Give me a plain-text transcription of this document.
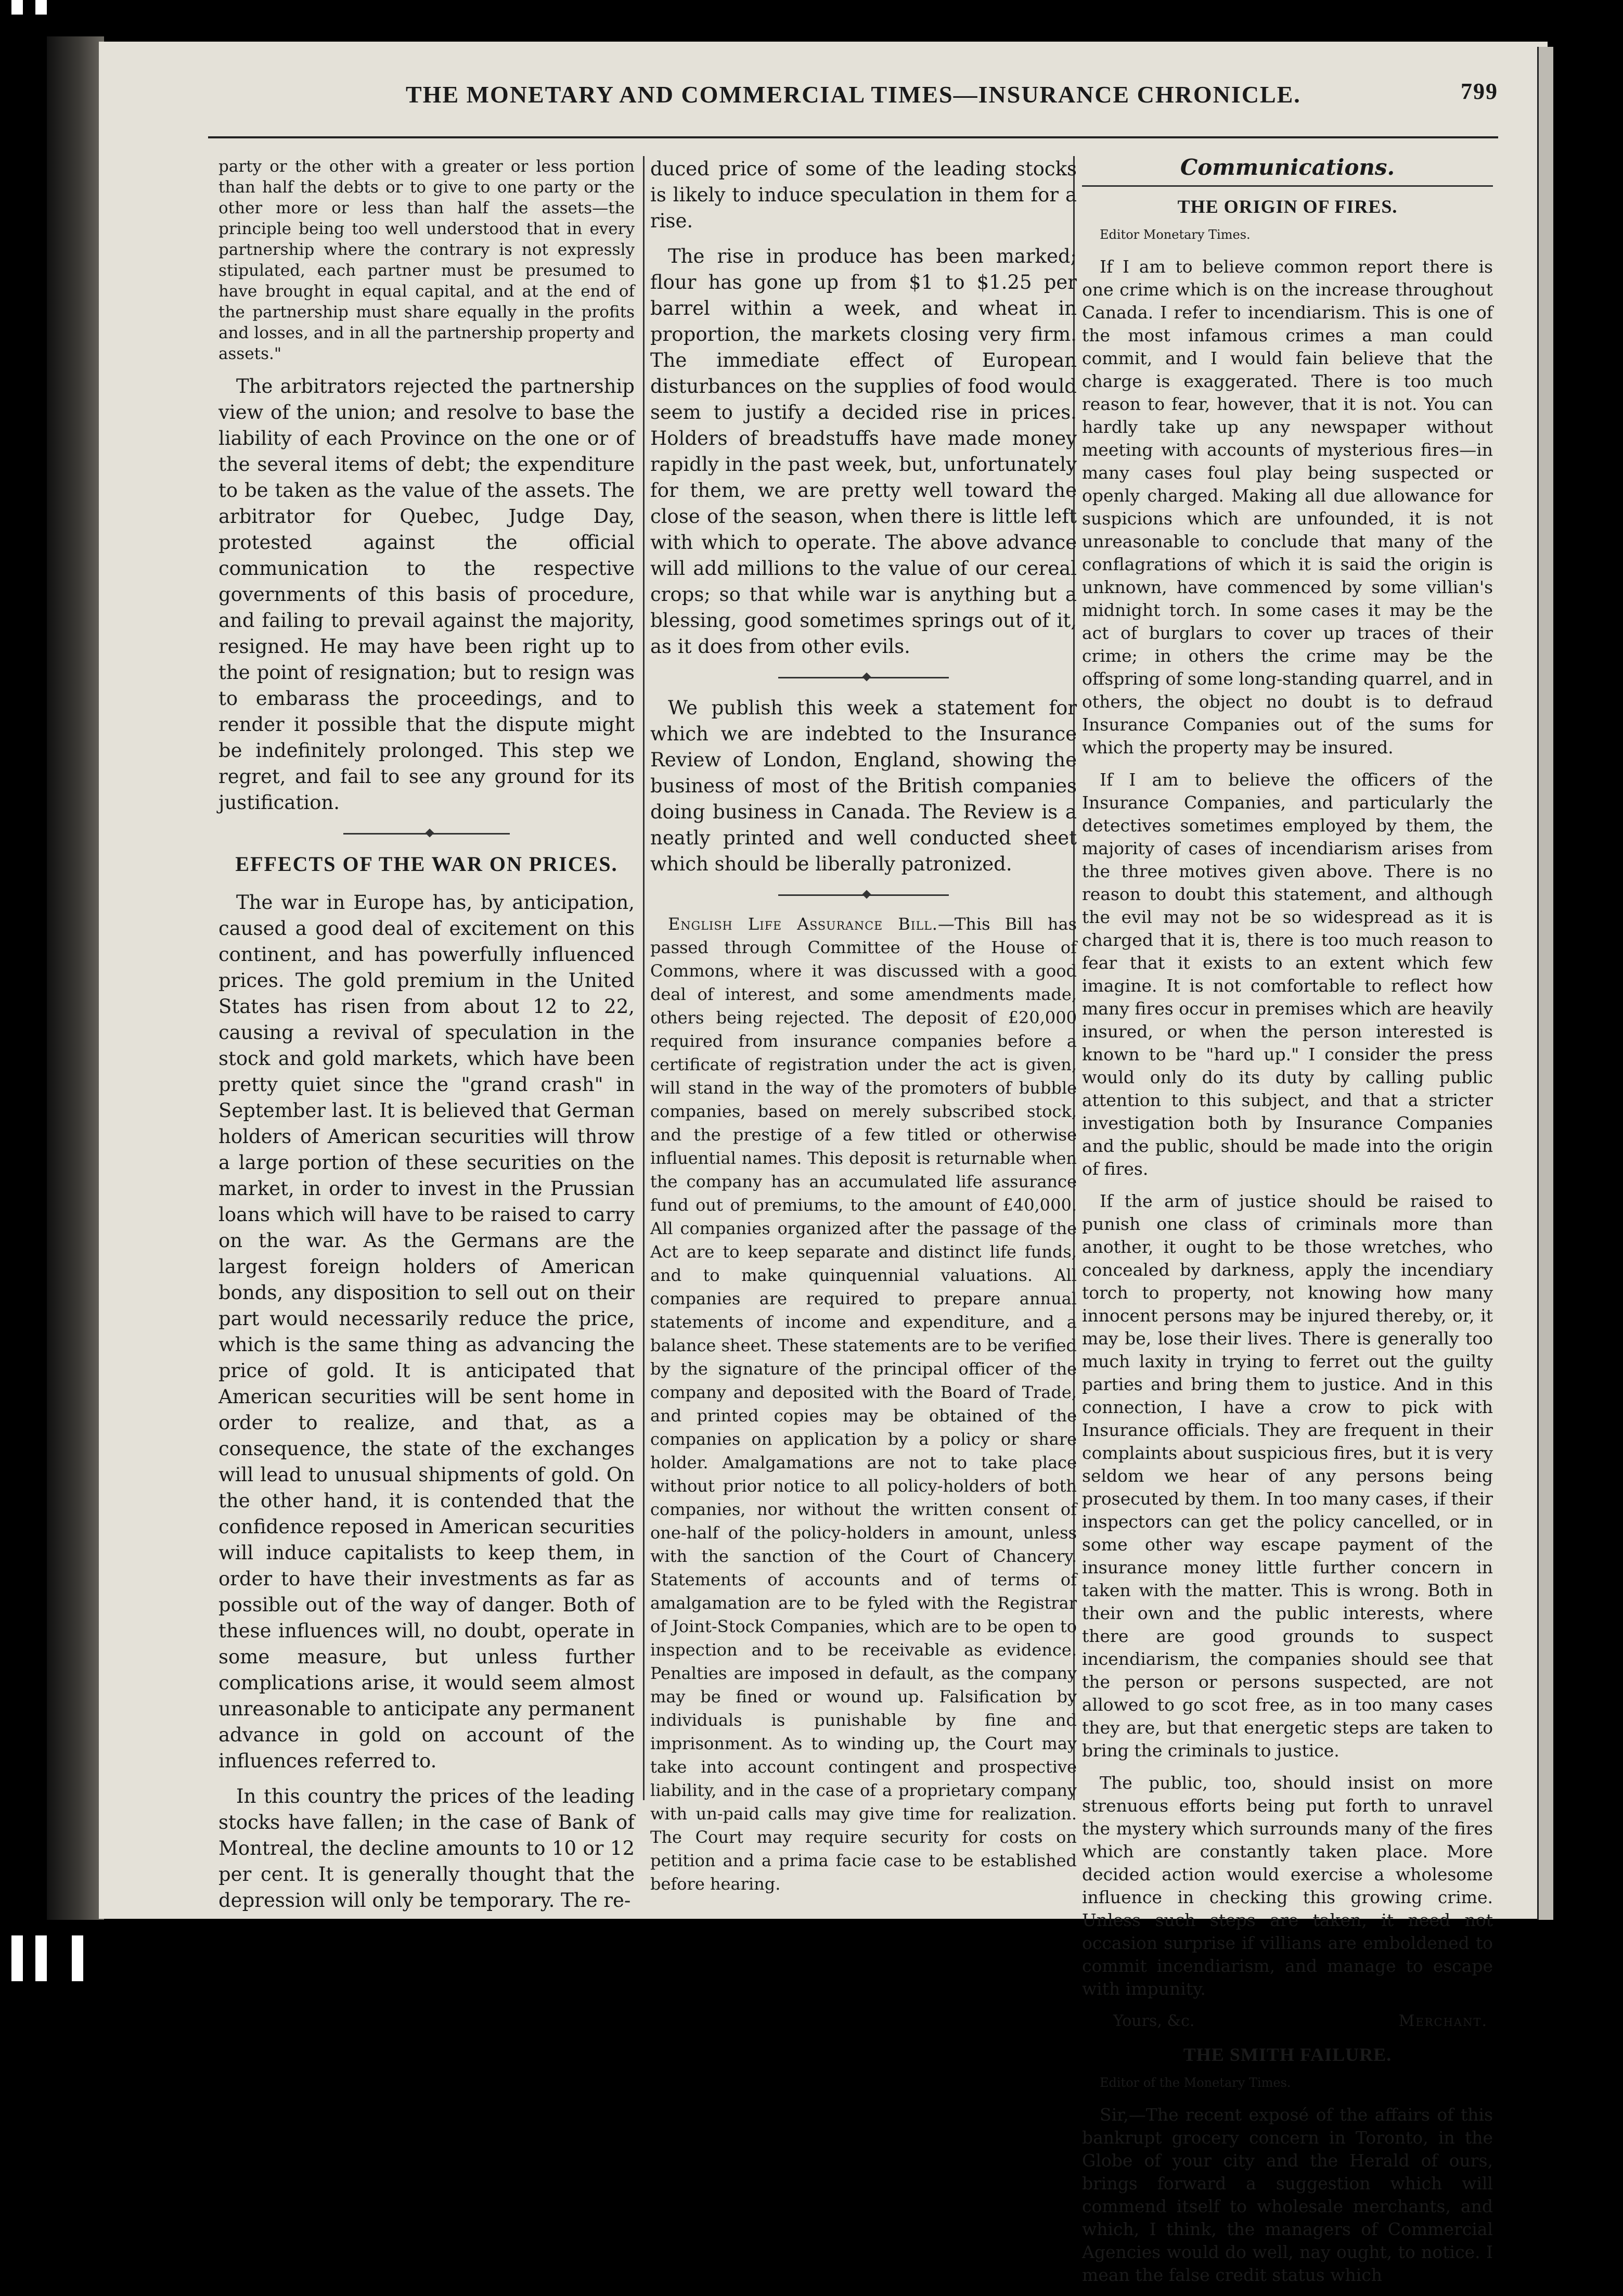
THE MONETARY AND COMMERCIAL TIMES—INSURANCE CHRONICLE.	799

party or the other with a greater or less portion than half the debts or to give to one party or the other more or less than half the assets—the principle being too well understood that in every partnership where the contrary is not expressly stipulated, each partner must be presumed to have brought in equal capital, and at the end of the partnership must share equally in the profits and losses, and in all the partnership property and assets."

The arbitrators rejected the partnership view of the union; and resolve to base the liability of each Province on the one or of the several items of debt; the expenditure to be taken as the value of the assets. The arbitrator for Quebec, Judge Day, protested against the official communication to the respective governments of this basis of procedure, and failing to prevail against the majority, resigned. He may have been right up to the point of resignation; but to resign was to embarass the proceedings, and to render it possible that the dispute might be indefinitely prolonged. This step we regret, and fail to see any ground for its justification.

EFFECTS OF THE WAR ON PRICES.

The war in Europe has, by anticipation, caused a good deal of excitement on this continent, and has powerfully influenced prices. The gold premium in the United States has risen from about 12 to 22, causing a revival of speculation in the stock and gold markets, which have been pretty quiet since the "grand crash" in September last. It is believed that German holders of American securities will throw a large portion of these securities on the market, in order to invest in the Prussian loans which will have to be raised to carry on the war. As the Germans are the largest foreign holders of American bonds, any disposition to sell out on their part would necessarily reduce the price, which is the same thing as advancing the price of gold. It is anticipated that American securities will be sent home in order to realize, and that, as a consequence, the state of the exchanges will lead to unusual shipments of gold. On the other hand, it is contended that the confidence reposed in American securities will induce capitalists to keep them, in order to have their investments as far as possible out of the way of danger. Both of these influences will, no doubt, operate in some measure, but unless further complications arise, it would seem almost unreasonable to anticipate any permanent advance in gold on account of the influences referred to.

In this country the prices of the leading stocks have fallen; in the case of Bank of Montreal, the decline amounts to 10 or 12 per cent. It is generally thought that the depression will only be temporary. The re-

duced price of some of the leading stocks is likely to induce speculation in them for a rise.

The rise in produce has been marked; flour has gone up from $1 to $1.25 per barrel within a week, and wheat in proportion, the markets closing very firm. The immediate effect of European disturbances on the supplies of food would seem to justify a decided rise in prices. Holders of breadstuffs have made money rapidly in the past week, but, unfortunately for them, we are pretty well toward the close of the season, when there is little left with which to operate. The above advance will add millions to the value of our cereal crops; so that while war is anything but a blessing, good sometimes springs out of it, as it does from other evils.

We publish this week a statement for which we are indebted to the Insurance Review of London, England, showing the business of most of the British companies doing business in Canada. The Review is a neatly printed and well conducted sheet which should be liberally patronized.

English Life Assurance Bill.—This Bill has passed through Committee of the House of Commons, where it was discussed with a good deal of interest, and some amendments made, others being rejected. The deposit of £20,000 required from insurance companies before a certificate of registration under the act is given, will stand in the way of the promoters of bubble companies, based on merely subscribed stock, and the prestige of a few titled or otherwise influential names. This deposit is returnable when the company has an accumulated life assurance fund out of premiums, to the amount of £40,000. All companies organized after the passage of the Act are to keep separate and distinct life funds, and to make quinquennial valuations. All companies are required to prepare annual statements of income and expenditure, and a balance sheet. These statements are to be verified by the signature of the principal officer of the company and deposited with the Board of Trade, and printed copies may be obtained of the companies on application by a policy or share holder. Amalgamations are not to take place without prior notice to all policy-holders of both companies, nor without the written consent of one-half of the policy-holders in amount, unless with the sanction of the Court of Chancery. Statements of accounts and of terms of amalgamation are to be fyled with the Registrar of Joint-Stock Companies, which are to be open to inspection and to be receivable as evidence. Penalties are imposed in default, as the company may be fined or wound up. Falsification by individuals is punishable by fine and imprisonment. As to winding up, the Court may take into account contingent and prospective liability, and in the case of a proprietary company with un-paid calls may give time for realization. The Court may require security for costs on petition and a prima facie case to be established before hearing.

Communications.
THE ORIGIN OF FIRES.

Editor Monetary Times.

If I am to believe common report there is one crime which is on the increase throughout Canada. I refer to incendiarism. This is one of the most infamous crimes a man could commit, and I would fain believe that the charge is exaggerated. There is too much reason to fear, however, that it is not. You can hardly take up any newspaper without meeting with accounts of mysterious fires—in many cases foul play being suspected or openly charged. Making all due allowance for suspicions which are unfounded, it is not unreasonable to conclude that many of the conflagrations of which it is said the origin is unknown, have commenced by some villian's midnight torch. In some cases it may be the act of burglars to cover up traces of their crime; in others the crime may be the offspring of some long-standing quarrel, and in others, the object no doubt is to defraud Insurance Companies out of the sums for which the property may be insured.

If I am to believe the officers of the Insurance Companies, and particularly the detectives sometimes employed by them, the majority of cases of incendiarism arises from the three motives given above. There is no reason to doubt this statement, and although the evil may not be so widespread as it is charged that it is, there is too much reason to fear that it exists to an extent which few imagine. It is not comfortable to reflect how many fires occur in premises which are heavily insured, or when the person interested is known to be "hard up." I consider the press would only do its duty by calling public attention to this subject, and that a stricter investigation both by Insurance Companies and the public, should be made into the origin of fires.

If the arm of justice should be raised to punish one class of criminals more than another, it ought to be those wretches, who concealed by darkness, apply the incendiary torch to property, not knowing how many innocent persons may be injured thereby, or, it may be, lose their lives. There is generally too much laxity in trying to ferret out the guilty parties and bring them to justice. And in this connection, I have a crow to pick with Insurance officials. They are frequent in their complaints about suspicious fires, but it is very seldom we hear of any persons being prosecuted by them. In too many cases, if their inspectors can get the policy cancelled, or in some other way escape payment of the insurance money little further concern in taken with the matter. This is wrong. Both in their own and the public interests, where there are good grounds to suspect incendiarism, the companies should see that the person or persons suspected, are not allowed to go scot free, as in too many cases they are, but that energetic steps are taken to bring the criminals to justice.

The public, too, should insist on more strenuous efforts being put forth to unravel the mystery which surrounds many of the fires which are constantly taken place. More decided action would exercise a wholesome influence in checking this growing crime. Unless such steps are taken, it need not occasion surprise if villians are emboldened to commit incendiarism, and manage to escape with impunity.

Yours, &c.	Merchant.
THE SMITH FAILURE.

Editor of the Monetary Times.

Sir,—The recent exposé of the affairs of this bankrupt grocery concern in Toronto, in the Globe of your city and the Herald of ours, brings forward a suggestion which will commend itself to wholesale merchants, and which, I think, the managers of Commercial Agencies would do well, nay ought, to notice. I mean the false credit status which
